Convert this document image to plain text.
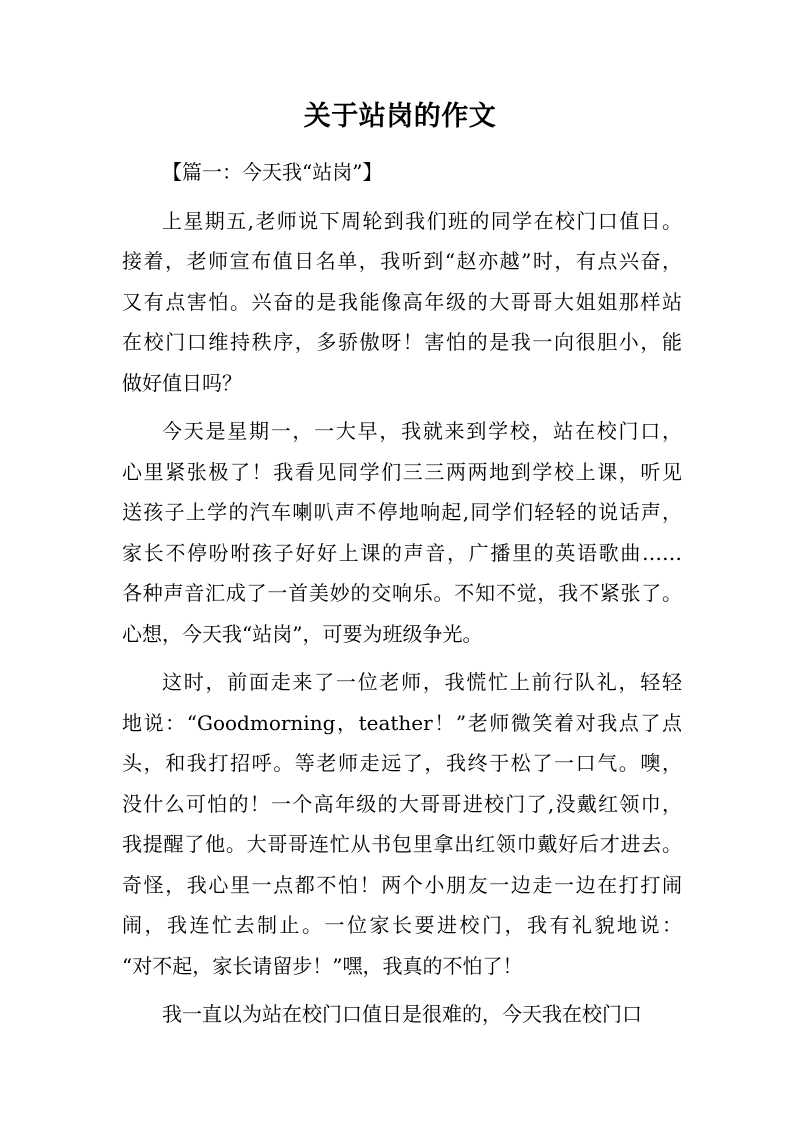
关于站岗的作文
【篇一：今天我“站岗”】
上星期五,老师说下周轮到我们班的同学在校门口值日。
接着，老师宣布值日名单，我听到“赵亦越”时，有点兴奋，
又有点害怕。兴奋的是我能像高年级的大哥哥大姐姐那样站
在校门口维持秩序，多骄傲呀！害怕的是我一向很胆小，能
做好值日吗？
今天是星期一，一大早，我就来到学校，站在校门口，
心里紧张极了！我看见同学们三三两两地到学校上课，听见
送孩子上学的汽车喇叭声不停地响起,同学们轻轻的说话声，
家长不停吩咐孩子好好上课的声音，广播里的英语歌曲……
各种声音汇成了一首美妙的交响乐。不知不觉，我不紧张了。
心想，今天我“站岗”，可要为班级争光。
这时，前面走来了一位老师，我慌忙上前行队礼，轻轻
地说：“Goodmorning，teather！”老师微笑着对我点了点
头，和我打招呼。等老师走远了，我终于松了一口气。噢，
没什么可怕的！一个高年级的大哥哥进校门了,没戴红领巾，
我提醒了他。大哥哥连忙从书包里拿出红领巾戴好后才进去。
奇怪，我心里一点都不怕！两个小朋友一边走一边在打打闹
闹，我连忙去制止。一位家长要进校门，我有礼貌地说：
“对不起，家长请留步！”嘿，我真的不怕了！
我一直以为站在校门口值日是很难的，今天我在校门口
